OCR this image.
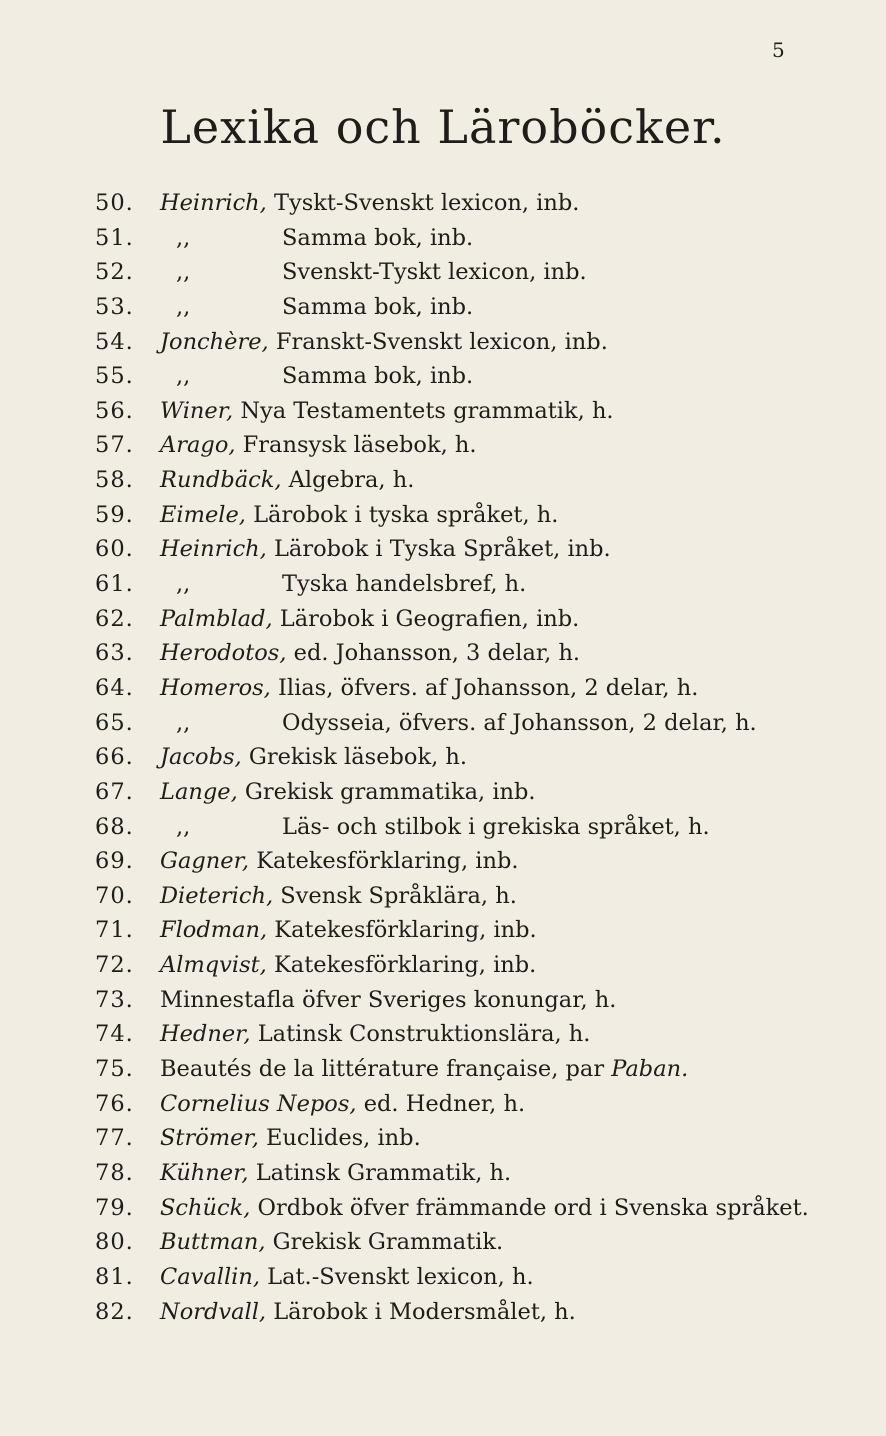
5
Lexika och Läroböcker.
50.	Heinrich, Tyskt-Svenskt lexicon, inb.
51.	,,	Samma bok, inb.
52.	,,	Svenskt-Tyskt lexicon, inb.
53.	,,	Samma bok, inb.
54.	Jonchère, Franskt-Svenskt lexicon, inb.
55.	,,	Samma bok, inb.
56.	Winer, Nya Testamentets grammatik, h.
57.	Arago, Fransysk läsebok, h.
58.	Rundbäck, Algebra, h.
59.	Eimele, Lärobok i tyska språket, h.
60.	Heinrich, Lärobok i Tyska Språket, inb.
61.	,,	Tyska handelsbref, h.
62.	Palmblad, Lärobok i Geografien, inb.
63.	Herodotos, ed. Johansson, 3 delar, h.
64.	Homeros, Ilias, öfvers. af Johansson, 2 delar, h.
65.	,,	Odysseia, öfvers. af Johansson, 2 delar, h.
66.	Jacobs, Grekisk läsebok, h.
67.	Lange, Grekisk grammatika, inb.
68.	,,	Läs- och stilbok i grekiska språket, h.
69.	Gagner, Katekesförklaring, inb.
70.	Dieterich, Svensk Språklära, h.
71.	Flodman, Katekesförklaring, inb.
72.	Almqvist, Katekesförklaring, inb.
73.	Minnestafla öfver Sveriges konungar, h.
74.	Hedner, Latinsk Construktionslära, h.
75.	Beautés de la littérature française, par Paban.
76.	Cornelius Nepos, ed. Hedner, h.
77.	Strömer, Euclides, inb.
78.	Kühner, Latinsk Grammatik, h.
79.	Schück, Ordbok öfver främmande ord i Svenska språket.
80.	Buttman, Grekisk Grammatik.
81.	Cavallin, Lat.-Svenskt lexicon, h.
82.	Nordvall, Lärobok i Modersmålet, h.
